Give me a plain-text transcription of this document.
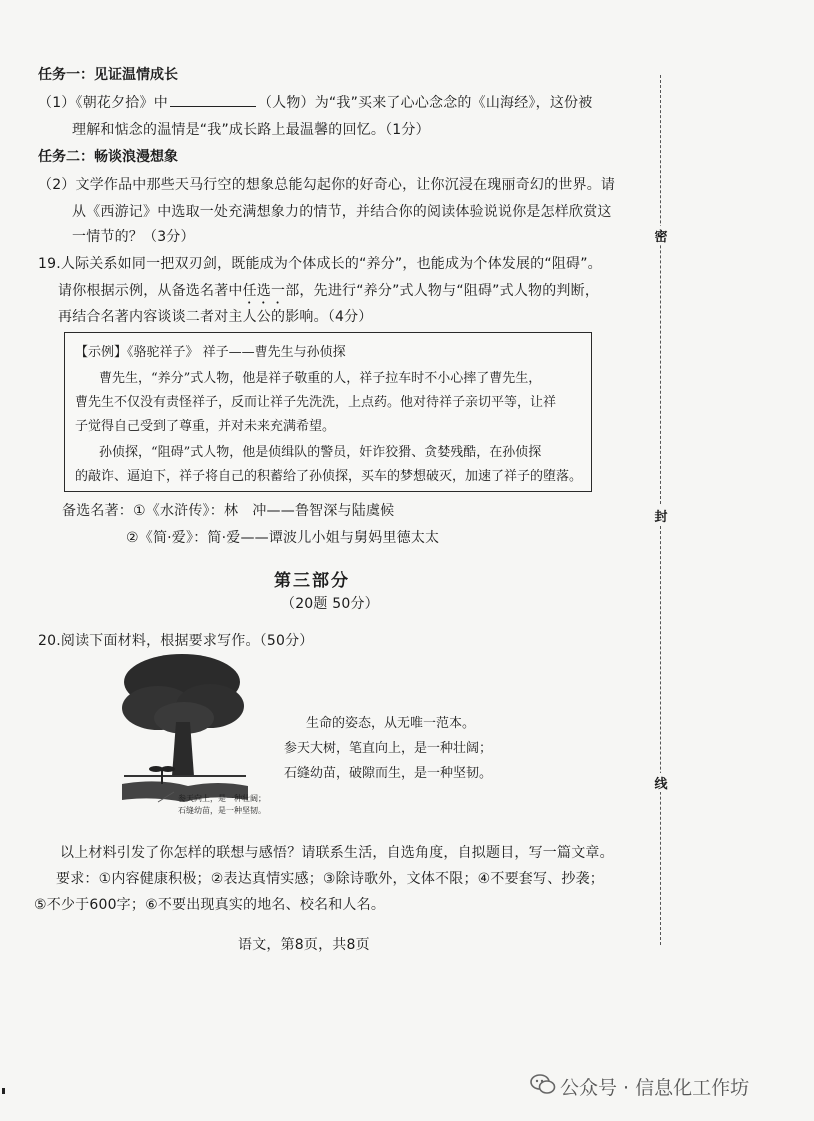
任务一：见证温情成长
（1）《朝花夕拾》中	（人物）为“我”买来了心心念念的《山海经》，这份被
理解和惦念的温情是“我”成长路上最温馨的回忆。（1分）
任务二：畅谈浪漫想象
（2）文学作品中那些天马行空的想象总能勾起你的好奇心，让你沉浸在瑰丽奇幻的世界。请
从《西游记》中选取一处充满想象力的情节，并结合你的阅读体验说说你是怎样欣赏这
一情节的？（3分）
19.人际关系如同一把双刃剑，既能成为个体成长的“养分”，也能成为个体发展的“阻碍”。
请你根据示例，从备选名著中任选一部，先进行“养分”式人物与“阻碍”式人物的判断，
再结合名著内容谈谈二者对主人公的影响。（4分）
【示例】《骆驼祥子》 祥子——曹先生与孙侦探
曹先生，“养分”式人物，他是祥子敬重的人，祥子拉车时不小心摔了曹先生，
曹先生不仅没有责怪祥子，反而让祥子先洗洗，上点药。他对待祥子亲切平等，让祥
子觉得自己受到了尊重，并对未来充满希望。
孙侦探，“阻碍”式人物，他是侦缉队的警员，奸诈狡猾、贪婪残酷，在孙侦探
的敲诈、逼迫下，祥子将自己的积蓄给了孙侦探，买车的梦想破灭，加速了祥子的堕落。
备选名著：①《水浒传》：林　冲——鲁智深与陆虞候
②《简·爱》：简·爱——谭波儿小姐与舅妈里德太太
第三部分
（20题 50分）
20.阅读下面材料，根据要求写作。（50分）
参天向上，是一种壮阔；
石缝幼苗，是一种坚韧。
生命的姿态，从无唯一范本。
参天大树，笔直向上，是一种壮阔；
石缝幼苗，破隙而生，是一种坚韧。
以上材料引发了你怎样的联想与感悟？请联系生活，自选角度，自拟题目，写一篇文章。
要求：①内容健康积极；②表达真情实感；③除诗歌外，文体不限；④不要套写、抄袭；
⑤不少于600字；⑥不要出现真实的地名、校名和人名。
语文，第8页，共8页
密
封
线
公众号 · 信息化工作坊
